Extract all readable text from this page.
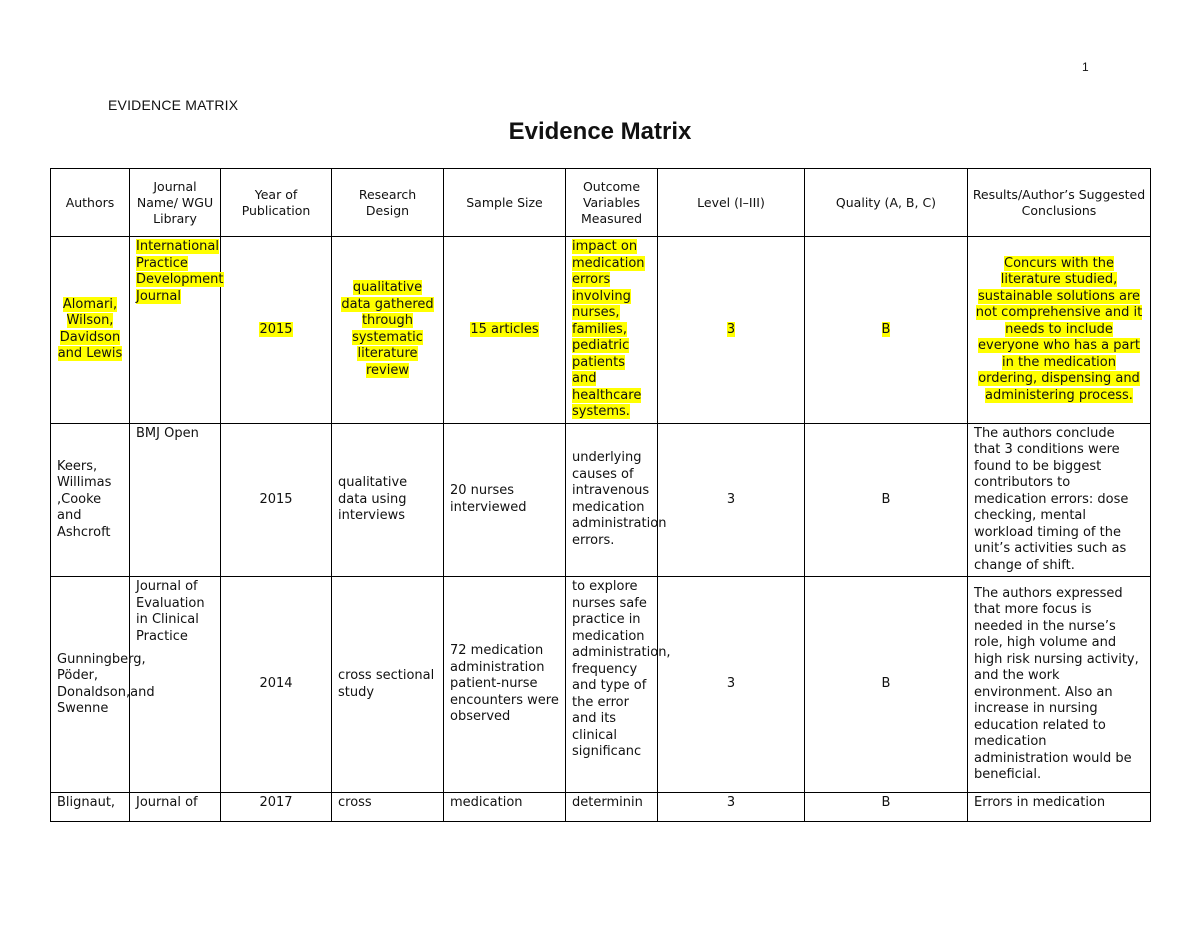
1
EVIDENCE MATRIX
Evidence Matrix
Authors	Journal Name/ WGU Library	Year of Publication	Research Design	Sample Size	Outcome Variables Measured	Level (I–III)	Quality (A, B, C)	Results/Author’s Suggested Conclusions
Alomari, Wilson, Davidson and Lewis	International Practice Development Journal	2015	qualitative data gathered through systematic literature review	15 articles	impact on medication errors involving nurses, families, pediatric patients and healthcare systems.	3	B	Concurs with the literature studied, sustainable solutions are not comprehensive and it needs to include everyone who has a part in the medication ordering, dispensing and administering process.
Keers, Willimas ,Cooke and Ashcroft	BMJ Open	2015	qualitative data using interviews	20 nurses interviewed	underlying causes of intravenous medication administration errors.	3	B	The authors conclude that 3 conditions were found to be biggest contributors to medication errors: dose checking, mental workload timing of the unit’s activities such as change of shift.
Gunningberg, Pöder, Donaldson,and Swenne	Journal of Evaluation in Clinical Practice	2014	cross sectional study	72 medication administration patient-nurse encounters were observed	to explore nurses safe practice in medication administration, frequency and type of the error and its clinical significanc	3	B	The authors expressed that more focus is needed in the nurse’s role, high volume and high risk nursing activity, and the work environment. Also an increase in nursing education related to medication administration would be beneficial.
Blignaut,	Journal of	2017	cross	medication	determinin	3	B	Errors in medication
